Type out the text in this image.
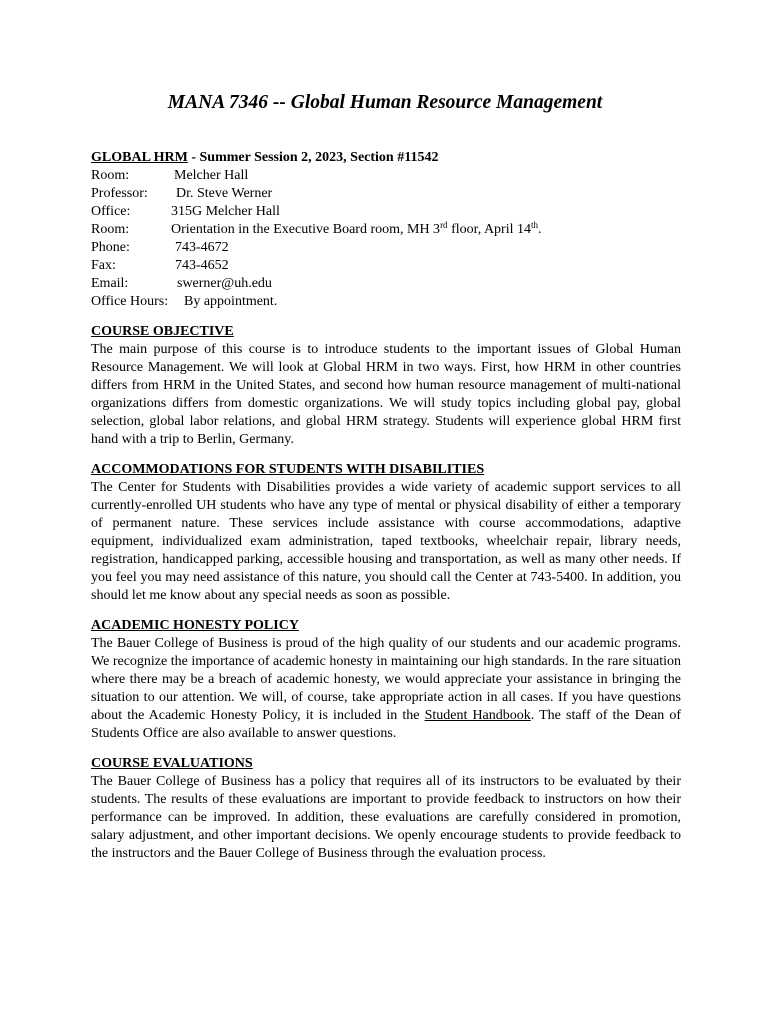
MANA 7346 -- Global Human Resource Management
GLOBAL HRM - Summer Session 2, 2023, Section #11542
Room:	Melcher Hall
Professor:	Dr. Steve Werner
Office:	315G Melcher Hall
Room:	Orientation in the Executive Board room, MH 3rd floor, April 14th.
Phone:	743-4672
Fax:	743-4652
Email:	swerner@uh.edu
Office Hours:	By appointment.
COURSE OBJECTIVE
The main purpose of this course is to introduce students to the important issues of Global Human Resource Management. We will look at Global HRM in two ways. First, how HRM in other countries differs from HRM in the United States, and second how human resource management of multi-national organizations differs from domestic organizations. We will study topics including global pay, global selection, global labor relations, and global HRM strategy. Students will experience global HRM first hand with a trip to Berlin, Germany.
ACCOMMODATIONS FOR STUDENTS WITH DISABILITIES
The Center for Students with Disabilities provides a wide variety of academic support services to all currently-enrolled UH students who have any type of mental or physical disability of either a temporary of permanent nature. These services include assistance with course accommodations, adaptive equipment, individualized exam administration, taped textbooks, wheelchair repair, library needs, registration, handicapped parking, accessible housing and transportation, as well as many other needs. If you feel you may need assistance of this nature, you should call the Center at 743-5400. In addition, you should let me know about any special needs as soon as possible.
ACADEMIC HONESTY POLICY
The Bauer College of Business is proud of the high quality of our students and our academic programs. We recognize the importance of academic honesty in maintaining our high standards. In the rare situation where there may be a breach of academic honesty, we would appreciate your assistance in bringing the situation to our attention. We will, of course, take appropriate action in all cases. If you have questions about the Academic Honesty Policy, it is included in the Student Handbook. The staff of the Dean of Students Office are also available to answer questions.
COURSE EVALUATIONS
The Bauer College of Business has a policy that requires all of its instructors to be evaluated by their students. The results of these evaluations are important to provide feedback to instructors on how their performance can be improved. In addition, these evaluations are carefully considered in promotion, salary adjustment, and other important decisions. We openly encourage students to provide feedback to the instructors and the Bauer College of Business through the evaluation process.
